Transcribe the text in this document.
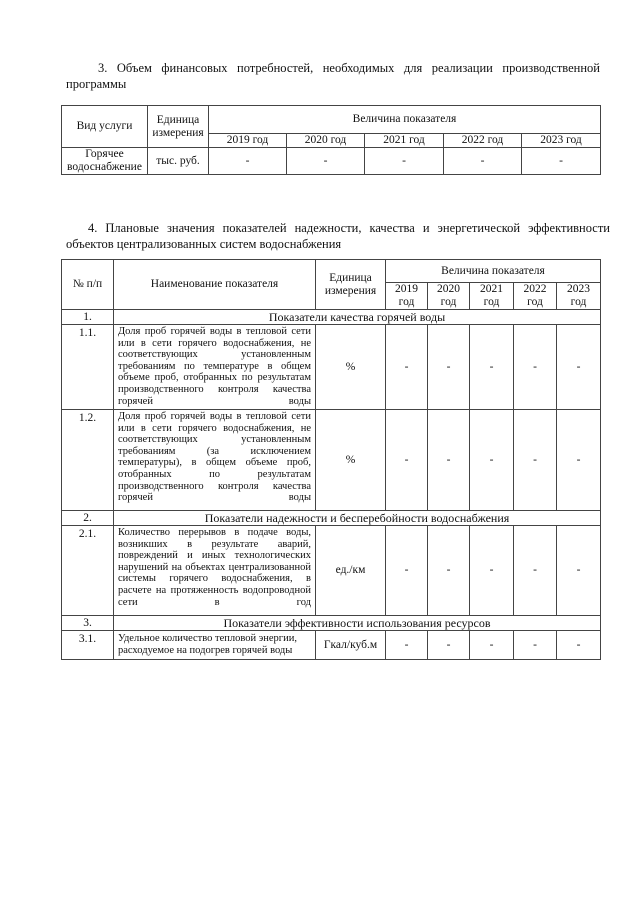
3. Объем финансовых потребностей, необходимых для реализации производственной программы
Вид услуги	Единица измерения	Величина показателя				
		2019 год	2020 год	2021 год	2022 год	2023 год
Горячее водоснабжение	тыс. руб.	-	-	-	-	-
4. Плановые значения показателей надежности, качества и энергетической эффективности объектов централизованных систем водоснабжения
№ п/п	Наименование показателя	Единица измерения	Величина показателя				
			2019 год	2020 год	2021 год	2022 год	2023 год
1.	Показатели качества горячей воды						
1.1.	Доля проб горячей воды в тепловой сети или в сети горячего водоснабжения, не соответствующих установленным требованиям по температуре в общем объеме проб, отобранных по результатам производственного контроля качества горячей воды	%	-	-	-	-	-
1.2.	Доля проб горячей воды в тепловой сети или в сети горячего водоснабжения, не соответствующих установленным требованиям (за исключением температуры), в общем объеме проб, отобранных по результатам производственного контроля качества горячей воды	%	-	-	-	-	-
2.	Показатели надежности и бесперебойности водоснабжения						
2.1.	Количество перерывов в подаче воды, возникших в результате аварий, повреждений и иных технологических нарушений на объектах централизованной системы горячего водоснабжения, в расчете на протяженность водопроводной сети в год	ед./км	-	-	-	-	-
3.	Показатели эффективности использования ресурсов						
3.1.	Удельное количество тепловой энергии, расходуемое на подогрев горячей воды	Гкал/куб.м	-	-	-	-	-
